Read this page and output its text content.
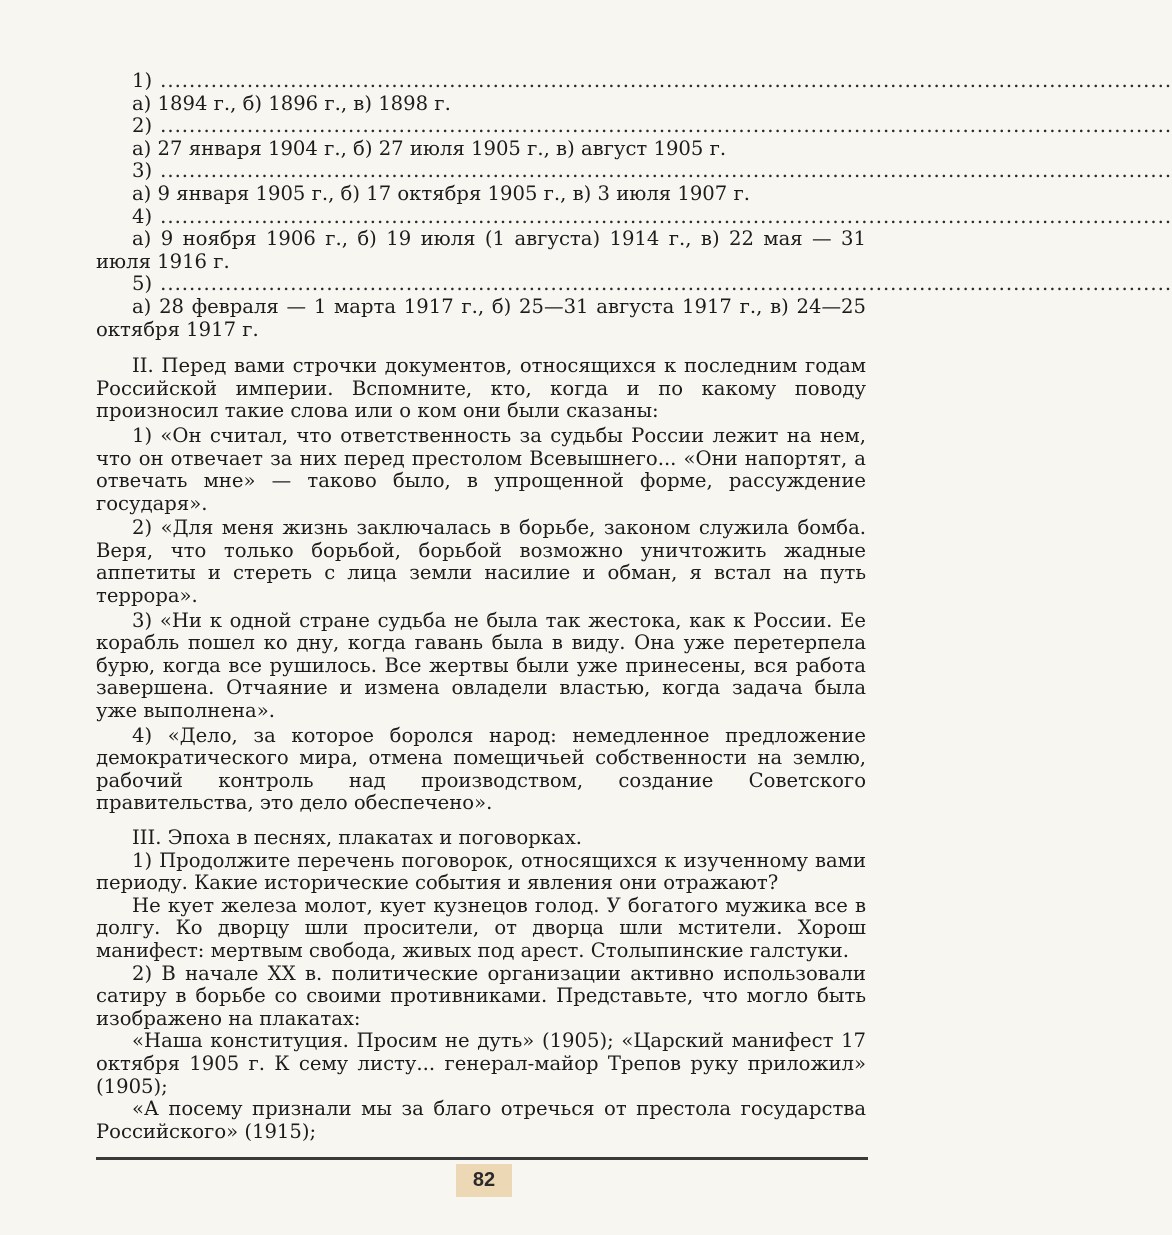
1) ............................................................................................................................................

а) 1894 г., б) 1896 г., в) 1898 г.

2) ............................................................................................................................................

а) 27 января 1904 г., б) 27 июля 1905 г., в) август 1905 г.

3) ............................................................................................................................................

а) 9 января 1905 г., б) 17 октября 1905 г., в) 3 июля 1907 г.

4) ............................................................................................................................................

а) 9 ноября 1906 г., б) 19 июля (1 августа) 1914 г., в) 22 мая — 31 июля 1916 г.

5) ............................................................................................................................................

а) 28 февраля — 1 марта 1917 г., б) 25—31 августа 1917 г., в) 24—25 октября 1917 г.

II. Перед вами строчки документов, относящихся к последним годам Российской империи. Вспомните, кто, когда и по какому поводу произносил такие слова или о ком они были сказаны:

1) «Он считал, что ответственность за судьбы России лежит на нем, что он отвечает за них перед престолом Всевышнего... «Они напортят, а отвечать мне» — таково было, в упрощенной форме, рассуждение государя».

2) «Для меня жизнь заключалась в борьбе, законом служила бомба. Веря, что только борьбой, борьбой возможно уничтожить жадные аппетиты и стереть с лица земли насилие и обман, я встал на путь террора».

3) «Ни к одной стране судьба не была так жестока, как к России. Ее корабль пошел ко дну, когда гавань была в виду. Она уже перетерпела бурю, когда все рушилось. Все жертвы были уже принесены, вся работа завершена. Отчаяние и измена овладели властью, когда задача была уже выполнена».

4) «Дело, за которое боролся народ: немедленное предложение демократического мира, отмена помещичьей собственности на землю, рабочий контроль над производством, создание Советского правительства, это дело обеспечено».

III. Эпоха в песнях, плакатах и поговорках.

1) Продолжите перечень поговорок, относящихся к изученному вами периоду. Какие исторические события и явления они отражают?

Не кует железа молот, кует кузнецов голод. У богатого мужика все в долгу. Ко дворцу шли просители, от дворца шли мстители. Хорош манифест: мертвым свобода, живых под арест. Столыпинские галстуки.

2) В начале XX в. политические организации активно использовали сатиру в борьбе со своими противниками. Представьте, что могло быть изображено на плакатах:

«Наша конституция. Просим не дуть» (1905); «Царский манифест 17 октября 1905 г. К сему листу... генерал-майор Трепов руку приложил» (1905);

«А посему признали мы за благо отречься от престола государства Российского» (1915);

82
